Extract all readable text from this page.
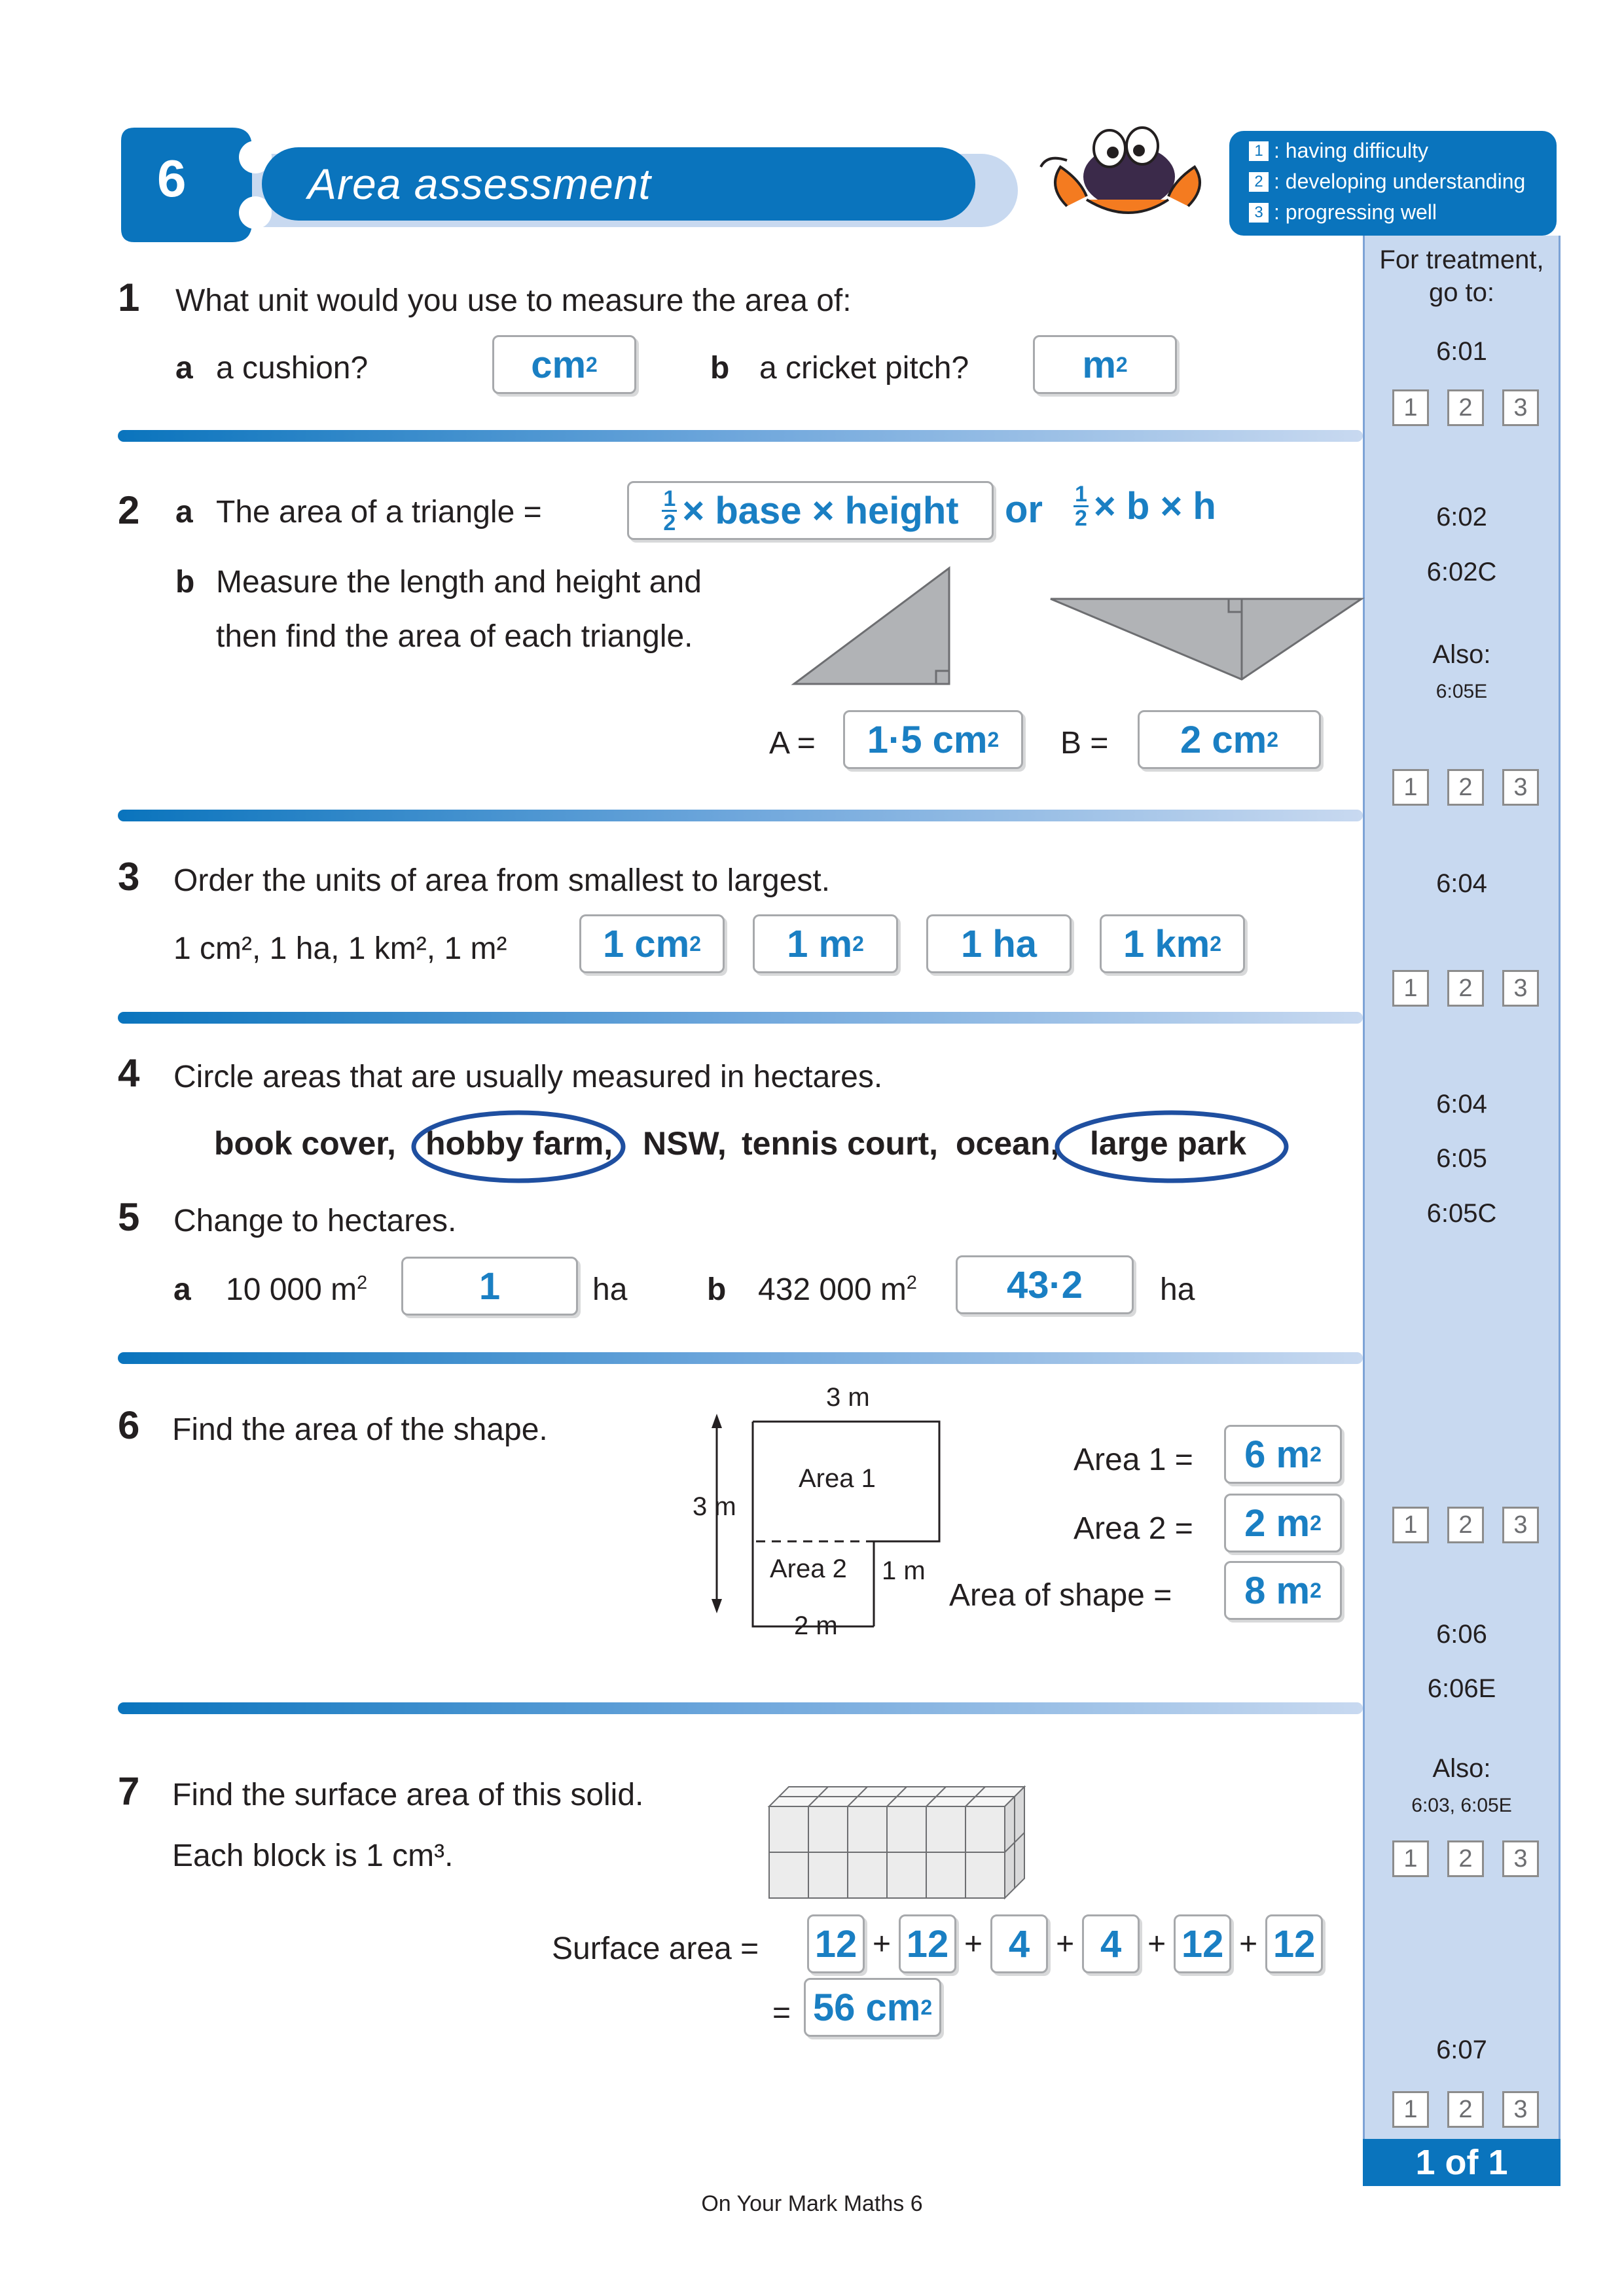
6	Area assessment
1 : having difficulty
2 : developing understanding
3 : progressing well
For treatment,
go to:
6:01
1	2	3
6:02
6:02C
Also:
6:05E
1	2	3
6:04
1	2	3
6:04
6:05
6:05C
1	2	3
6:06
6:06E
Also:
6:03, 6:05E
1	2	3
6:07
1	2	3
1 of 1
1 What unit would you use to measure the area of:
a a cushion?	cm 2	b a cricket pitch?	m 2
2 a The area of a triangle =	$\frac{1}{2}$ × base × height or $\frac{1}{2} \times b \times h$
b Measure the length and height and
then find the area of each triangle.
A = 1·5 cm 2 B = 2 cm 2
3 Order the units of area from smallest to largest.
1 cm², 1 ha, 1 km², 1 m²	1 cm 2 1 m 2	1 ha 1 km 2
4 Circle areas that are usually measured in hectares.
book cover, hobby farm, NSW, tennis court, ocean, large park
5 Change to hectares.
a 10 000 $m^2$	1	ha	b 432 000 $m^2$ 43·2 ha
6 Find the area of the shape.
3 m
3 m
1 m
2 m
Area 1
Area 2
Area 1 = 6 m 2
Area 2 = 2 m 2
Area of shape = 8 m 2
7 Find the surface area of this solid.
Each block is 1 cm³.
Surface area = 12 + 12 + 4 + 4 + 12 + 12
= 56 cm 2
On Your Mark Maths 6
